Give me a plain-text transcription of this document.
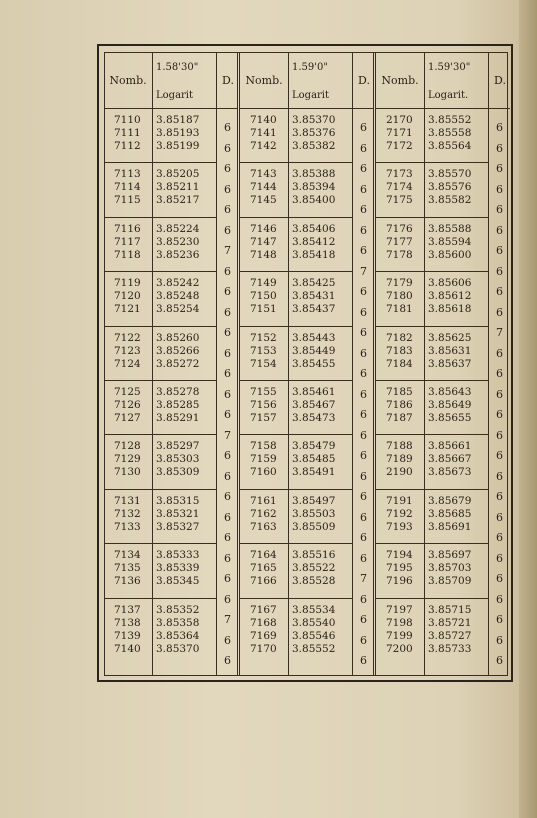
Nomb.
1.58'30"
Logarit
D.
7110 3.85187
7111 3.85193
7112 3.85199
7113 3.85205
7114 3.85211
7115 3.85217
7116 3.85224
7117 3.85230
7118 3.85236
7119 3.85242
7120 3.85248
7121 3.85254
7122 3.85260
7123 3.85266
7124 3.85272
7125 3.85278
7126 3.85285
7127 3.85291
7128 3.85297
7129 3.85303
7130 3.85309
7131 3.85315
7132 3.85321
7133 3.85327
7134 3.85333
7135 3.85339
7136 3.85345
7137 3.85352
7138 3.85358
7139 3.85364
7140 3.85370
6
6
6
6
6
6
7
6
6
6
6
6
6
6
6
7
6
6
6
6
6
6
6
6
7
6
6
Nomb.
1.59'0"
Logarit
D.
7140 3.85370
7141 3.85376
7142 3.85382
7143 3.85388
7144 3.85394
7145 3.85400
7146 3.85406
7147 3.85412
7148 3.85418
7149 3.85425
7150 3.85431
7151 3.85437
7152 3.85443
7153 3.85449
7154 3.85455
7155 3.85461
7156 3.85467
7157 3.85473
7158 3.85479
7159 3.85485
7160 3.85491
7161 3.85497
7162 3.85503
7163 3.85509
7164 3.85516
7165 3.85522
7166 3.85528
7167 3.85534
7168 3.85540
7169 3.85546
7170 3.85552
6
6
6
6
6
6
6
7
6
6
6
6
6
6
6
6
6
6
6
6
6
6
7
6
6
6
6
Nomb.
1.59'30"
Logarit.
D.
2170 3.85552
7171 3.85558
7172 3.85564
7173 3.85570
7174 3.85576
7175 3.85582
7176 3.85588
7177 3.85594
7178 3.85600
7179 3.85606
7180 3.85612
7181 3.85618
7182 3.85625
7183 3.85631
7184 3.85637
7185 3.85643
7186 3.85649
7187 3.85655
7188 3.85661
7189 3.85667
2190 3.85673
7191 3.85679
7192 3.85685
7193 3.85691
7194 3.85697
7195 3.85703
7196 3.85709
7197 3.85715
7198 3.85721
7199 3.85727
7200 3.85733
6
6
6
6
6
6
6
6
6
6
7
6
6
6
6
6
6
6
6
6
6
6
6
6
6
6
6
